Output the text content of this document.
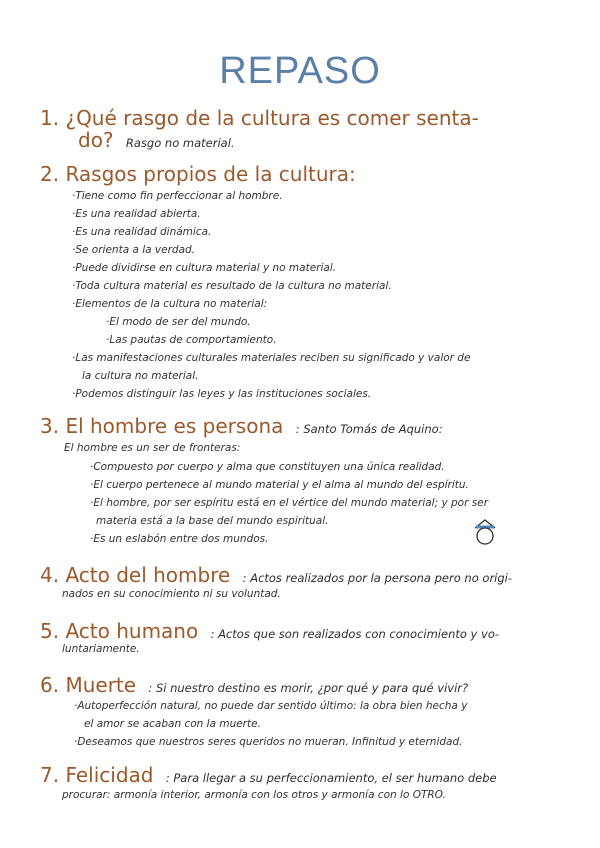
REPASO
1. ¿Qué rasgo de la cultura es comer senta-
do? Rasgo no material.
2. Rasgos propios de la cultura:
·Tiene como fin perfeccionar al hombre.
·Es una realidad abierta.
·Es una realidad dinámica.
·Se orienta a la verdad.
·Puede dividirse en cultura material y no material.
·Toda cultura material es resultado de la cultura no material.
·Elementos de la cultura no material:
·El modo de ser del mundo.
·Las pautas de comportamiento.
·Las manifestaciones culturales materiales reciben su significado y valor de
la cultura no material.
·Podemos distinguir las leyes y las instituciones sociales.
3. El hombre es persona : Santo Tomás de Aquino:
El hombre es un ser de fronteras:
·Compuesto por cuerpo y alma que constituyen una única realidad.
·El cuerpo pertenece al mundo material y el alma al mundo del espíritu.
·El hombre, por ser espíritu está en el vértice del mundo material; y por ser
materia está a la base del mundo espiritual.
·Es un eslabón entre dos mundos.
4. Acto del hombre : Actos realizados por la persona pero no origi-
nados en su conocimiento ni su voluntad.
5. Acto humano : Actos que son realizados con conocimiento y vo-
luntariamente.
6. Muerte : Si nuestro destino es morir, ¿por qué y para qué vivir?
·Autoperfección natural, no puede dar sentido último: la obra bien hecha y
el amor se acaban con la muerte.
·Deseamos que nuestros seres queridos no mueran. Infinitud y eternidad.
7. Felicidad : Para llegar a su perfeccionamiento, el ser humano debe
procurar: armonía interior, armonía con los otros y armonía con lo OTRO.
